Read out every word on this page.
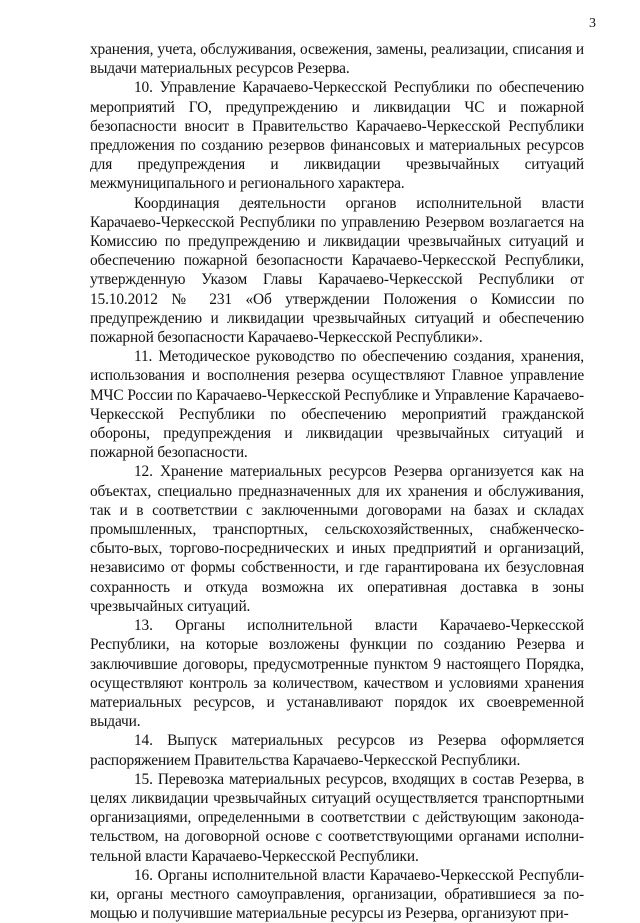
3

хранения, учета, обслуживания, освежения, замены, реализации, списания и выдачи материальных ресурсов Резерва.

10. Управление Карачаево-Черкесской Республики по обеспечению мероприятий ГО, предупреждению и ликвидации ЧС и пожарной безопасности вносит в Правительство Карачаево-Черкесской Республики предложения по созданию резервов финансовых и материальных ресурсов для предупреждения и ликвидации чрезвычайных ситуаций межмуниципального и регионального характера.

Координация деятельности органов исполнительной власти Карачаево-Черкесской Республики по управлению Резервом возлагается на Комиссию по предупреждению и ликвидации чрезвычайных ситуаций и обеспечению пожарной безопасности Карачаево-Черкесской Республики, утвержденную Указом Главы Карачаево-Черкесской Республики от 15.10.2012 № 231 «Об утверждении Положения о Комиссии по предупреждению и ликвидации чрезвычайных ситуаций и обеспечению пожарной безопасности Карачаево-Черкесской Республики».

11. Методическое руководство по обеспечению создания, хранения, использования и восполнения резерва осуществляют Главное управление МЧС России по Карачаево-Черкесской Республике и Управление Карачаево-Черкесской Республики по обеспечению мероприятий гражданской обороны, предупреждения и ликвидации чрезвычайных ситуаций и пожарной безопасности.

12. Хранение материальных ресурсов Резерва организуется как на объектах, специально предназначенных для их хранения и обслуживания, так и в соответствии с заключенными договорами на базах и складах промышленных, транспортных, сельскохозяйственных, снабженческо-сбыто-вых, торгово-посреднических и иных предприятий и организаций, независимо от формы собственности, и где гарантирована их безусловная сохранность и откуда возможна их оперативная доставка в зоны чрезвычайных ситуаций.

13. Органы исполнительной власти Карачаево-Черкесской Республики, на которые возложены функции по созданию Резерва и заключившие договоры, предусмотренные пунктом 9 настоящего Порядка, осуществляют контроль за количеством, качеством и условиями хранения материальных ресурсов, и устанавливают порядок их своевременной выдачи.

14. Выпуск материальных ресурсов из Резерва оформляется распоряжением Правительства Карачаево-Черкесской Республики.

15. Перевозка материальных ресурсов, входящих в состав Резерва, в целях ликвидации чрезвычайных ситуаций осуществляется транспортными организациями, определенными в соответствии с действующим законода-тельством, на договорной основе с соответствующими органами исполни-тельной власти Карачаево-Черкесской Республики.

16. Органы исполнительной власти Карачаево-Черкесской Республи-ки, органы местного самоуправления, организации, обратившиеся за по-мощью и получившие материальные ресурсы из Резерва, организуют при-
